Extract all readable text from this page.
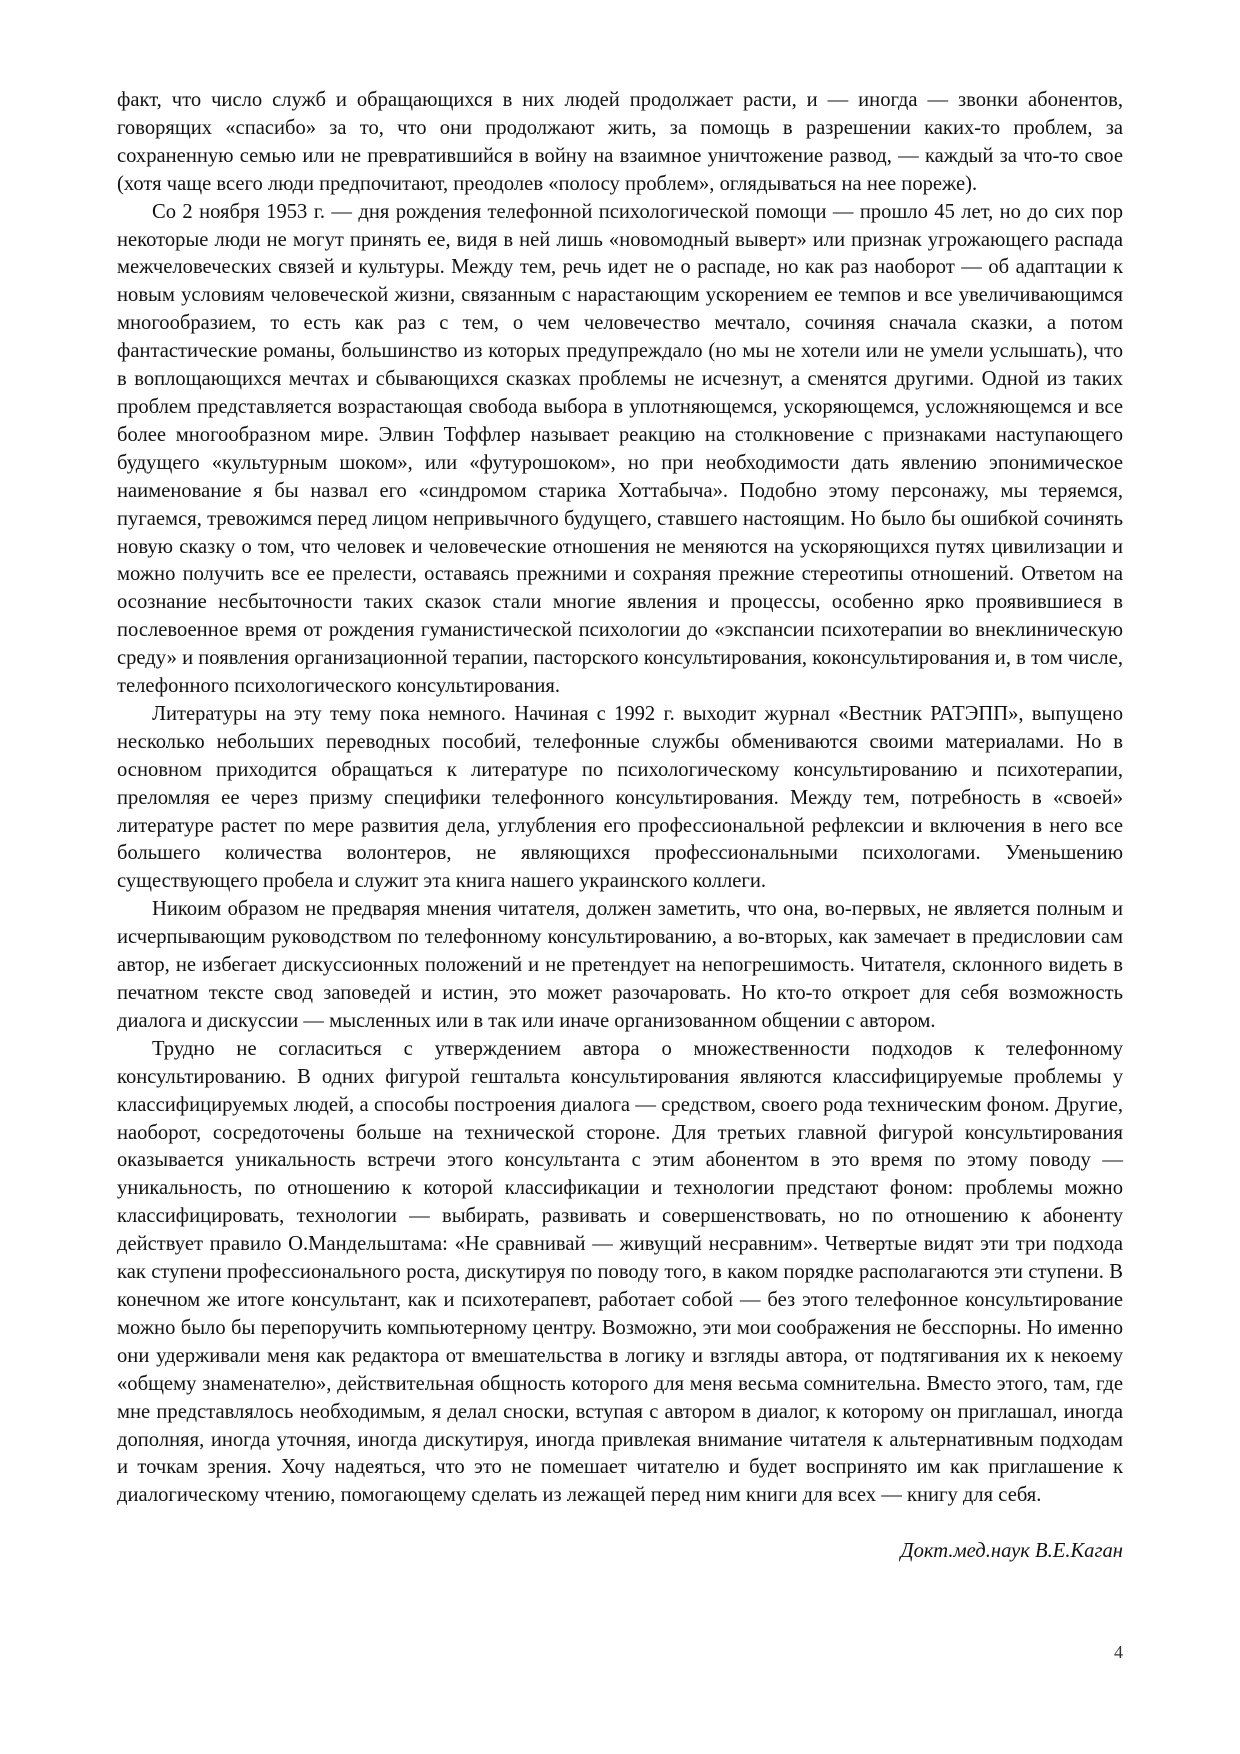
факт, что число служб и обращающихся в них людей продолжает расти, и — иногда — звонки абонентов, говорящих «спасибо» за то, что они продолжают жить, за помощь в разрешении каких-то проблем, за сохраненную семью или не превратившийся в войну на взаимное уничтожение развод, — каждый за что-то свое (хотя чаще всего люди предпочитают, преодолев «полосу проблем», оглядываться на нее пореже).

Со 2 ноября 1953 г. — дня рождения телефонной психологической помощи — прошло 45 лет, но до сих пор некоторые люди не могут принять ее, видя в ней лишь «новомодный выверт» или признак угрожающего распада межчеловеческих связей и культуры. Между тем, речь идет не о распаде, но как раз наоборот — об адаптации к новым условиям человеческой жизни, связанным с нарастающим ускорением ее темпов и все увеличивающимся многообразием, то есть как раз с тем, о чем человечество мечтало, сочиняя сначала сказки, а потом фантастические романы, большинство из которых предупреждало (но мы не хотели или не умели услышать), что в воплощающихся мечтах и сбывающихся сказках проблемы не исчезнут, а сменятся другими. Одной из таких проблем представляется возрастающая свобода выбора в уплотняющемся, ускоряющемся, усложняющемся и все более многообразном мире. Элвин Тоффлер называет реакцию на столкновение с признаками наступающего будущего «культурным шоком», или «футурошоком», но при необходимости дать явлению эпонимическое наименование я бы назвал его «синдромом старика Хоттабыча». Подобно этому персонажу, мы теряемся, пугаемся, тревожимся перед лицом непривычного будущего, ставшего настоящим. Но было бы ошибкой сочинять новую сказку о том, что человек и человеческие отношения не меняются на ускоряющихся путях цивилизации и можно получить все ее прелести, оставаясь прежними и сохраняя прежние стереотипы отношений. Ответом на осознание несбыточности таких сказок стали многие явления и процессы, особенно ярко проявившиеся в послевоенное время от рождения гуманистической психологии до «экспансии психотерапии во внеклиническую среду» и появления организационной терапии, пасторского консультирования, коконсультирования и, в том числе, телефонного психологического консультирования.

Литературы на эту тему пока немного. Начиная с 1992 г. выходит журнал «Вестник РАТЭПП», выпущено несколько небольших переводных пособий, телефонные службы обмениваются своими материалами. Но в основном приходится обращаться к литературе по психологическому консультированию и психотерапии, преломляя ее через призму специфики телефонного консультирования. Между тем, потребность в «своей» литературе растет по мере развития дела, углубления его профессиональной рефлексии и включения в него все большего количества волонтеров, не являющихся профессиональными психологами. Уменьшению существующего пробела и служит эта книга нашего украинского коллеги.

Никоим образом не предваряя мнения читателя, должен заметить, что она, во-первых, не является полным и исчерпывающим руководством по телефонному консультированию, а во-вторых, как замечает в предисловии сам автор, не избегает дискуссионных положений и не претендует на непогрешимость. Читателя, склонного видеть в печатном тексте свод заповедей и истин, это может разочаровать. Но кто-то откроет для себя возможность диалога и дискуссии — мысленных или в так или иначе организованном общении с автором.

Трудно не согласиться с утверждением автора о множественности подходов к телефонному консультированию. В одних фигурой гештальта консультирования являются классифицируемые проблемы у классифицируемых людей, а способы построения диалога — средством, своего рода техническим фоном. Другие, наоборот, сосредоточены больше на технической стороне. Для третьих главной фигурой консультирования оказывается уникальность встречи этого консультанта с этим абонентом в это время по этому поводу — уникальность, по отношению к которой классификации и технологии предстают фоном: проблемы можно классифицировать, технологии — выбирать, развивать и совершенствовать, но по отношению к абоненту действует правило О.Мандельштама: «Не сравнивай — живущий несравним». Четвертые видят эти три подхода как ступени профессионального роста, дискутируя по поводу того, в каком порядке располагаются эти ступени. В конечном же итоге консультант, как и психотерапевт, работает собой — без этого телефонное консультирование можно было бы перепоручить компьютерному центру. Возможно, эти мои соображения не бесспорны. Но именно они удерживали меня как редактора от вмешательства в логику и взгляды автора, от подтягивания их к некоему «общему знаменателю», действительная общность которого для меня весьма сомнительна. Вместо этого, там, где мне представлялось необходимым, я делал сноски, вступая с автором в диалог, к которому он приглашал, иногда дополняя, иногда уточняя, иногда дискутируя, иногда привлекая внимание читателя к альтернативным подходам и точкам зрения. Хочу надеяться, что это не помешает читателю и будет воспринято им как приглашение к диалогическому чтению, помогающему сделать из лежащей перед ним книги для всех — книгу для себя.

Докт.мед.наук В.Е.Каган
4
